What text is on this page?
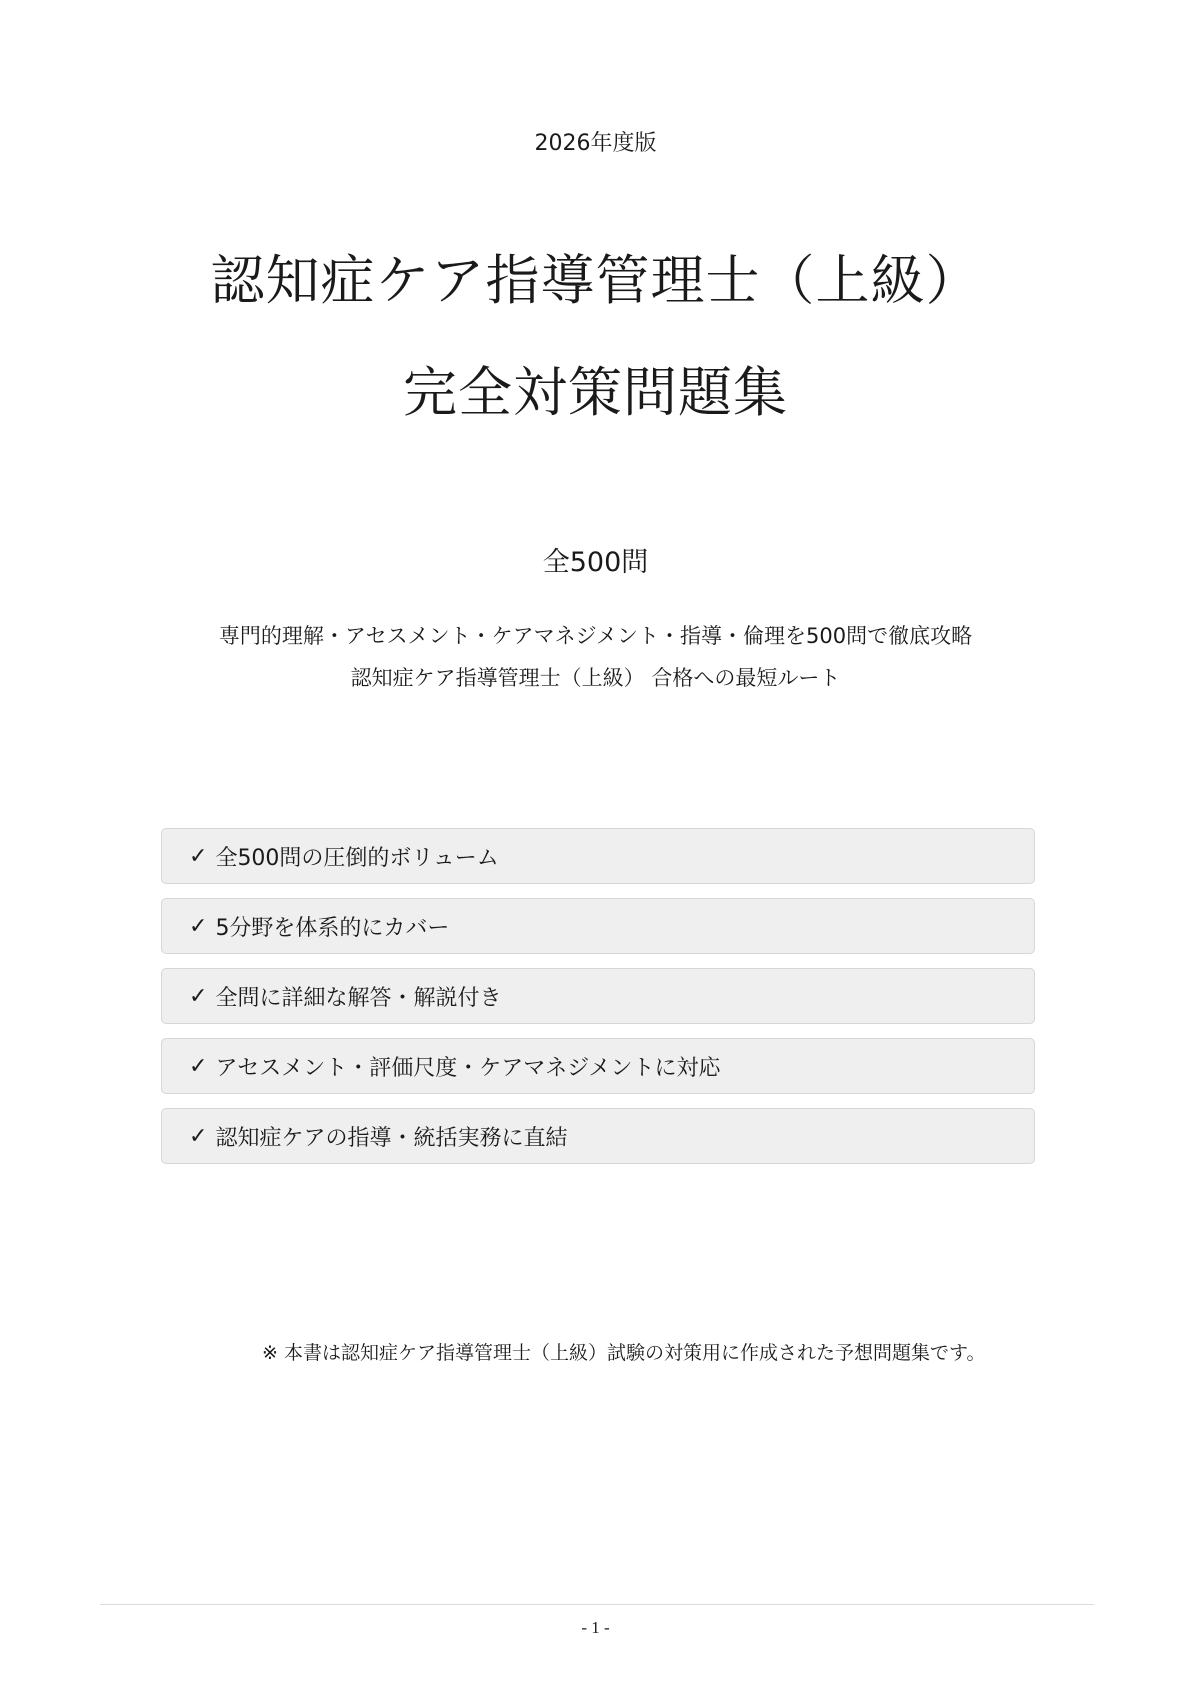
2026年度版
認知症ケア指導管理士（上級）
完全対策問題集
全500問
専門的理解・アセスメント・ケアマネジメント・指導・倫理を500問で徹底攻略
認知症ケア指導管理士（上級） 合格への最短ルート
✓ 全500問の圧倒的ボリューム
✓ 5分野を体系的にカバー
✓ 全問に詳細な解答・解説付き
✓ アセスメント・評価尺度・ケアマネジメントに対応
✓ 認知症ケアの指導・統括実務に直結
※ 本書は認知症ケア指導管理士（上級）試験の対策用に作成された予想問題集です。
- 1 -
